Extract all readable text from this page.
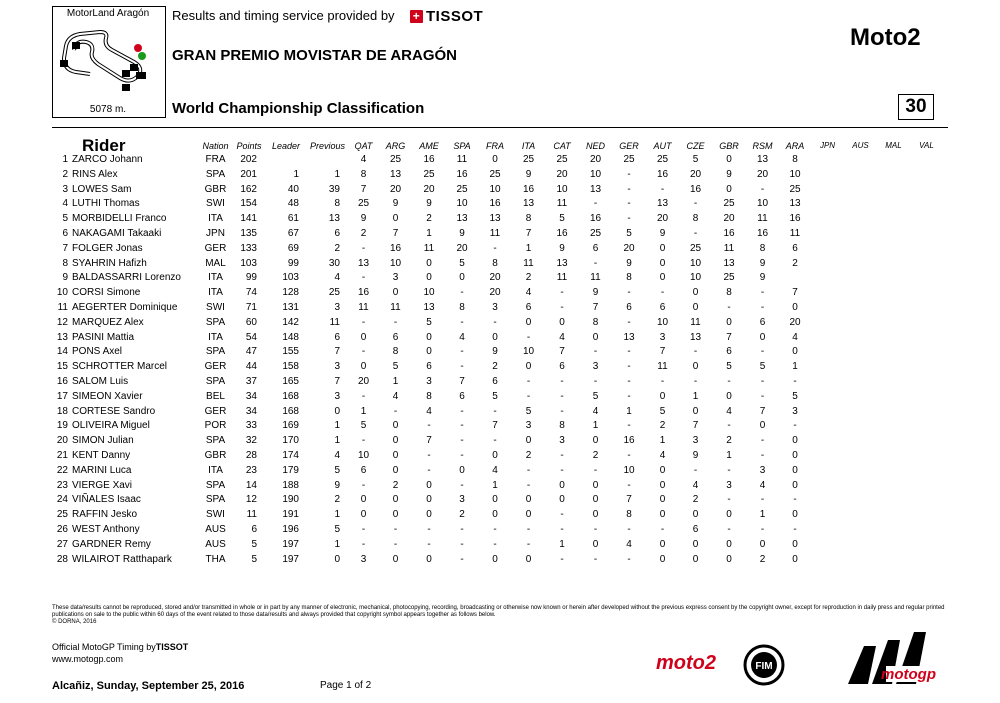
MotorLand Aragón
5078 m.
Results and timing service provided by + TISSOT
GRAN PREMIO MOVISTAR DE ARAGÓN
World Championship Classification
Moto2
30
Rider		Nation	Points	Leader	Previous	QAT	ARG	AME	SPA	FRA	ITA	CAT	NED	GER	AUT	CZE	GBR	RSM	ARA	JPN	AUS	MAL	VAL
1	ZARCO Johann	FRA	202			4	25	16	11	0	25	25	20	25	25	5	0	13	8				
2	RINS Alex	SPA	201	1	1	8	13	25	16	25	9	20	10	-	16	20	9	20	10				
3	LOWES Sam	GBR	162	40	39	7	20	20	25	10	16	10	13	-	-	16	0	-	25				
4	LUTHI Thomas	SWI	154	48	8	25	9	9	10	16	13	11	-	-	13	-	25	10	13				
5	MORBIDELLI Franco	ITA	141	61	13	9	0	2	13	13	8	5	16	-	20	8	20	11	16				
6	NAKAGAMI Takaaki	JPN	135	67	6	2	7	1	9	11	7	16	25	5	9	-	16	16	11				
7	FOLGER Jonas	GER	133	69	2	-	16	11	20	-	1	9	6	20	0	25	11	8	6				
8	SYAHRIN Hafizh	MAL	103	99	30	13	10	0	5	8	11	13	-	9	0	10	13	9	2				
9	BALDASSARRI Lorenzo	ITA	99	103	4	-	3	0	0	20	2	11	11	8	0	10	25	9					
10	CORSI Simone	ITA	74	128	25	16	0	10	-	20	4	-	9	-	-	0	8	-	7				
11	AEGERTER Dominique	SWI	71	131	3	11	11	13	8	3	6	-	7	6	6	0	-	-	0				
12	MARQUEZ Alex	SPA	60	142	11	-	-	5	-	-	0	0	8	-	10	11	0	6	20				
13	PASINI Mattia	ITA	54	148	6	0	6	0	4	0	-	4	0	13	3	13	7	0	4				
14	PONS Axel	SPA	47	155	7	-	8	0	-	9	10	7	-	-	7	-	6	-	0				
15	SCHROTTER Marcel	GER	44	158	3	0	5	6	-	2	0	6	3	-	11	0	5	5	1				
16	SALOM Luis	SPA	37	165	7	20	1	3	7	6	-	-	-	-	-	-	-	-	-				
17	SIMEON Xavier	BEL	34	168	3	-	4	8	6	5	-	-	5	-	0	1	0	-	5				
18	CORTESE Sandro	GER	34	168	0	1	-	4	-	-	5	-	4	1	5	0	4	7	3				
19	OLIVEIRA Miguel	POR	33	169	1	5	0	-	-	7	3	8	1	-	2	7	-	0	-				
20	SIMON Julian	SPA	32	170	1	-	0	7	-	-	0	3	0	16	1	3	2	-	0				
21	KENT Danny	GBR	28	174	4	10	0	-	-	0	2	-	2	-	4	9	1	-	0				
22	MARINI Luca	ITA	23	179	5	6	0	-	0	4	-	-	-	10	0	-	-	3	0				
23	VIERGE Xavi	SPA	14	188	9	-	2	0	-	1	-	0	0	-	0	4	3	4	0				
24	VIÑALES Isaac	SPA	12	190	2	0	0	0	3	0	0	0	0	7	0	2	-	-	-				
25	RAFFIN Jesko	SWI	11	191	1	0	0	0	2	0	0	-	0	8	0	0	0	1	0				
26	WEST Anthony	AUS	6	196	5	-	-	-	-	-	-	-	-	-	-	6	-	-	-				
27	GARDNER Remy	AUS	5	197	1	-	-	-	-	-	-	1	0	4	0	0	0	0	0				
28	WILAIROT Ratthapark	THA	5	197	0	3	0	0	-	0	0	-	-	-	0	0	0	2	0				
These data/results cannot be reproduced, stored and/or transmitted in whole or in part by any manner of electronic, mechanical, photocopying, recording, broadcasting or otherwise now known or herein after developed without the previous express consent by the copyright owner, except for reproduction in daily press and regular printed publications on sale to the public within 60 days of the event related to those data/results and always provided that copyright symbol appears together as follows below.
© DORNA, 2016
Official MotoGP Timing byTISSOT
www.motogp.com
Alcañiz, Sunday, September 25, 2016	Page 1 of 2
moto2	FIM	motogp
